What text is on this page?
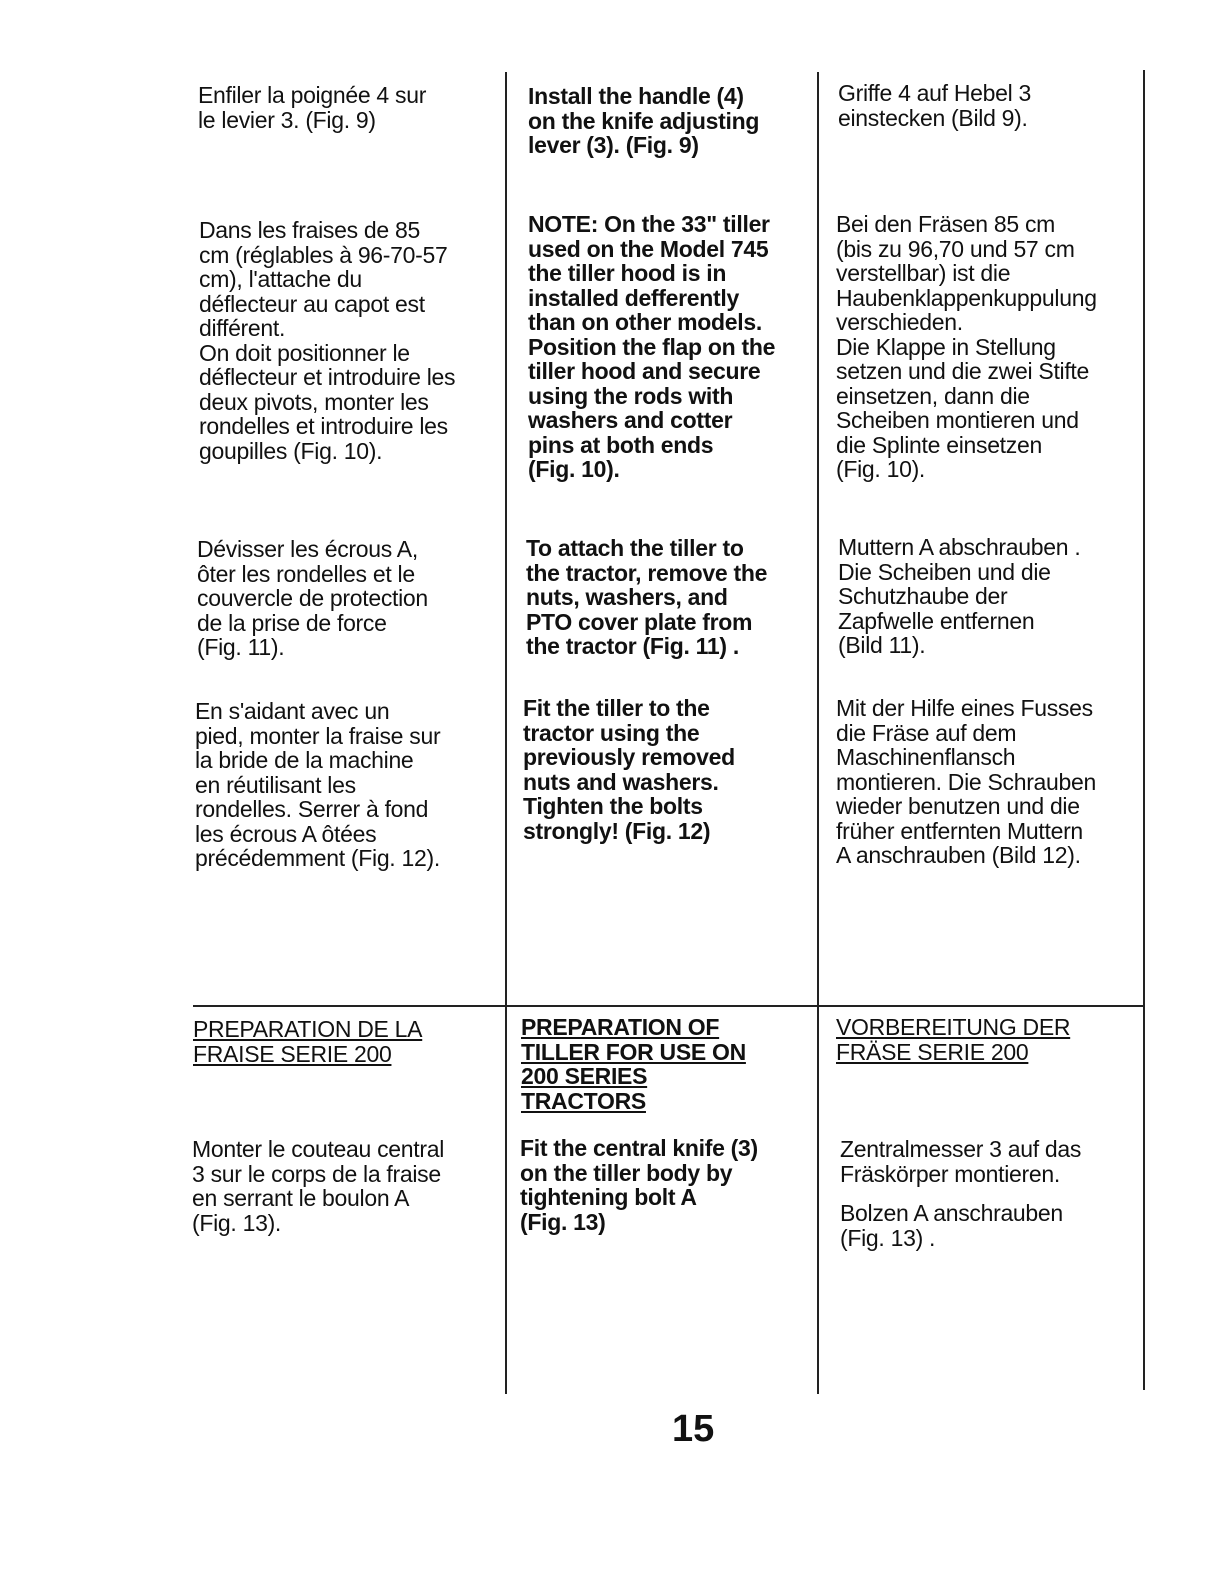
Enfiler la poignée 4 sur
le levier 3. (Fig. 9)
Dans les fraises de 85
cm (réglables à 96-70-57
cm), l'attache du
déflecteur au capot est
différent.
On doit positionner le
déflecteur et introduire les
deux pivots, monter les
rondelles et introduire les
goupilles (Fig. 10).
Dévisser les écrous A,
ôter les rondelles et le
couvercle de protection
de la prise de force
(Fig. 11).
En s'aidant avec un
pied, monter la fraise sur
la bride de la machine
en réutilisant les
rondelles. Serrer à fond
les écrous A ôtées
précédemment (Fig. 12).
PREPARATION DE LA
FRAISE SERIE 200
Monter le couteau central
3 sur le corps de la fraise
en serrant le boulon A
(Fig. 13).
Install the handle (4)
on the knife adjusting
lever (3). (Fig. 9)
NOTE: On the 33" tiller
used on the Model 745
the tiller hood is in
installed defferently
than on other models.
Position the flap on the
tiller hood and secure
using the rods with
washers and cotter
pins at both ends
(Fig. 10).
To attach the tiller to
the tractor, remove the
nuts, washers, and
PTO cover plate from
the tractor (Fig. 11) .
Fit the tiller to the
tractor using the
previously removed
nuts and washers.
Tighten the bolts
strongly! (Fig. 12)
PREPARATION OF
TILLER FOR USE ON
200 SERIES
TRACTORS
Fit the central knife (3)
on the tiller body by
tightening bolt A
(Fig. 13)
Griffe 4 auf Hebel 3
einstecken (Bild 9).
Bei den Fräsen 85 cm
(bis zu 96,70 und 57 cm
verstellbar) ist die
Haubenklappenkuppulung
verschieden.
Die Klappe in Stellung
setzen und die zwei Stifte
einsetzen, dann die
Scheiben montieren und
die Splinte einsetzen
(Fig. 10).
Muttern A abschrauben .
Die Scheiben und die
Schutzhaube der
Zapfwelle entfernen
(Bild 11).
Mit der Hilfe eines Fusses
die Fräse auf dem
Maschinenflansch
montieren. Die Schrauben
wieder benutzen und die
früher entfernten Muttern
A anschrauben (Bild 12).
VORBEREITUNG DER
FRÄSE SERIE 200
Zentralmesser 3 auf das
Fräskörper montieren.
Bolzen A anschrauben
(Fig. 13) .
15
